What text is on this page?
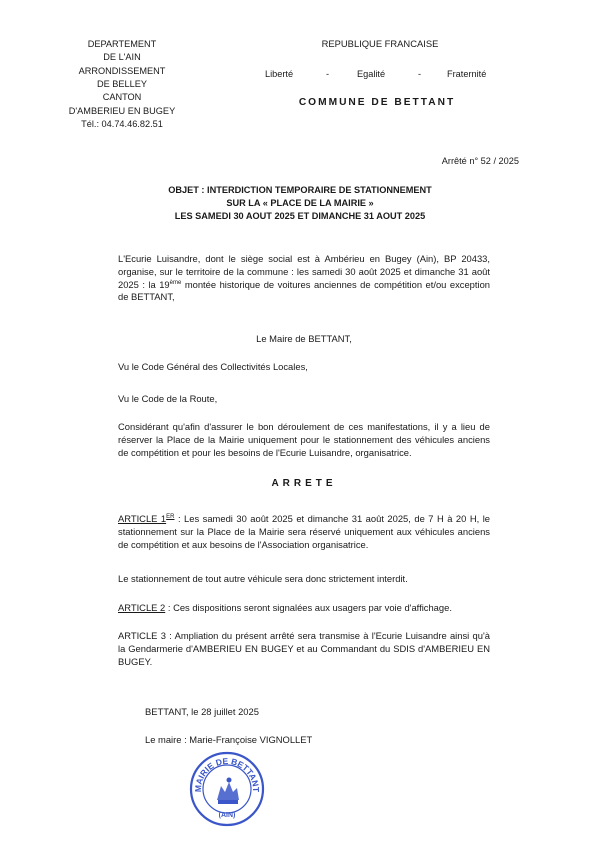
DEPARTEMENT
DE L'AIN
ARRONDISSEMENT
DE BELLEY
CANTON
D'AMBERIEU EN BUGEY
Tél.: 04.74.46.82.51
REPUBLIQUE FRANCAISE
Liberté	-	Egalité	-	Fraternité
COMMUNE DE BETTANT
Arrêté n° 52 / 2025
OBJET : INTERDICTION TEMPORAIRE DE STATIONNEMENT
SUR LA « PLACE DE LA MAIRIE »
LES SAMEDI 30 AOUT 2025 ET DIMANCHE 31 AOUT 2025
L'Ecurie Luisandre, dont le siège social est à Ambérieu en Bugey (Ain), BP 20433, organise, sur le territoire de la commune : les samedi 30 août 2025 et dimanche 31 août 2025 : la 19ème montée historique de voitures anciennes de compétition et/ou exception de BETTANT,
Le Maire de BETTANT,
Vu le Code Général des Collectivités Locales,
Vu le Code de la Route,
Considérant qu'afin d'assurer le bon déroulement de ces manifestations, il y a lieu de réserver la Place de la Mairie uniquement pour le stationnement des véhicules anciens de compétition et pour les besoins de l'Ecurie Luisandre, organisatrice.
ARRETE
ARTICLE 1ER : Les samedi 30 août 2025 et dimanche 31 août 2025, de 7 H à 20 H, le stationnement sur la Place de la Mairie sera réservé uniquement aux véhicules anciens de compétition et aux besoins de l'Association organisatrice.
Le stationnement de tout autre véhicule sera donc strictement interdit.
ARTICLE 2 : Ces dispositions seront signalées aux usagers par voie d'affichage.
ARTICLE 3 : Ampliation du présent arrêté sera transmise à l'Ecurie Luisandre ainsi qu'à la Gendarmerie d'AMBERIEU EN BUGEY et au Commandant du SDIS d'AMBERIEU EN BUGEY.
BETTANT, le 28 juillet 2025
Le maire : Marie-Françoise VIGNOLLET
MAIRIE DE BETTANT
(AIN)
